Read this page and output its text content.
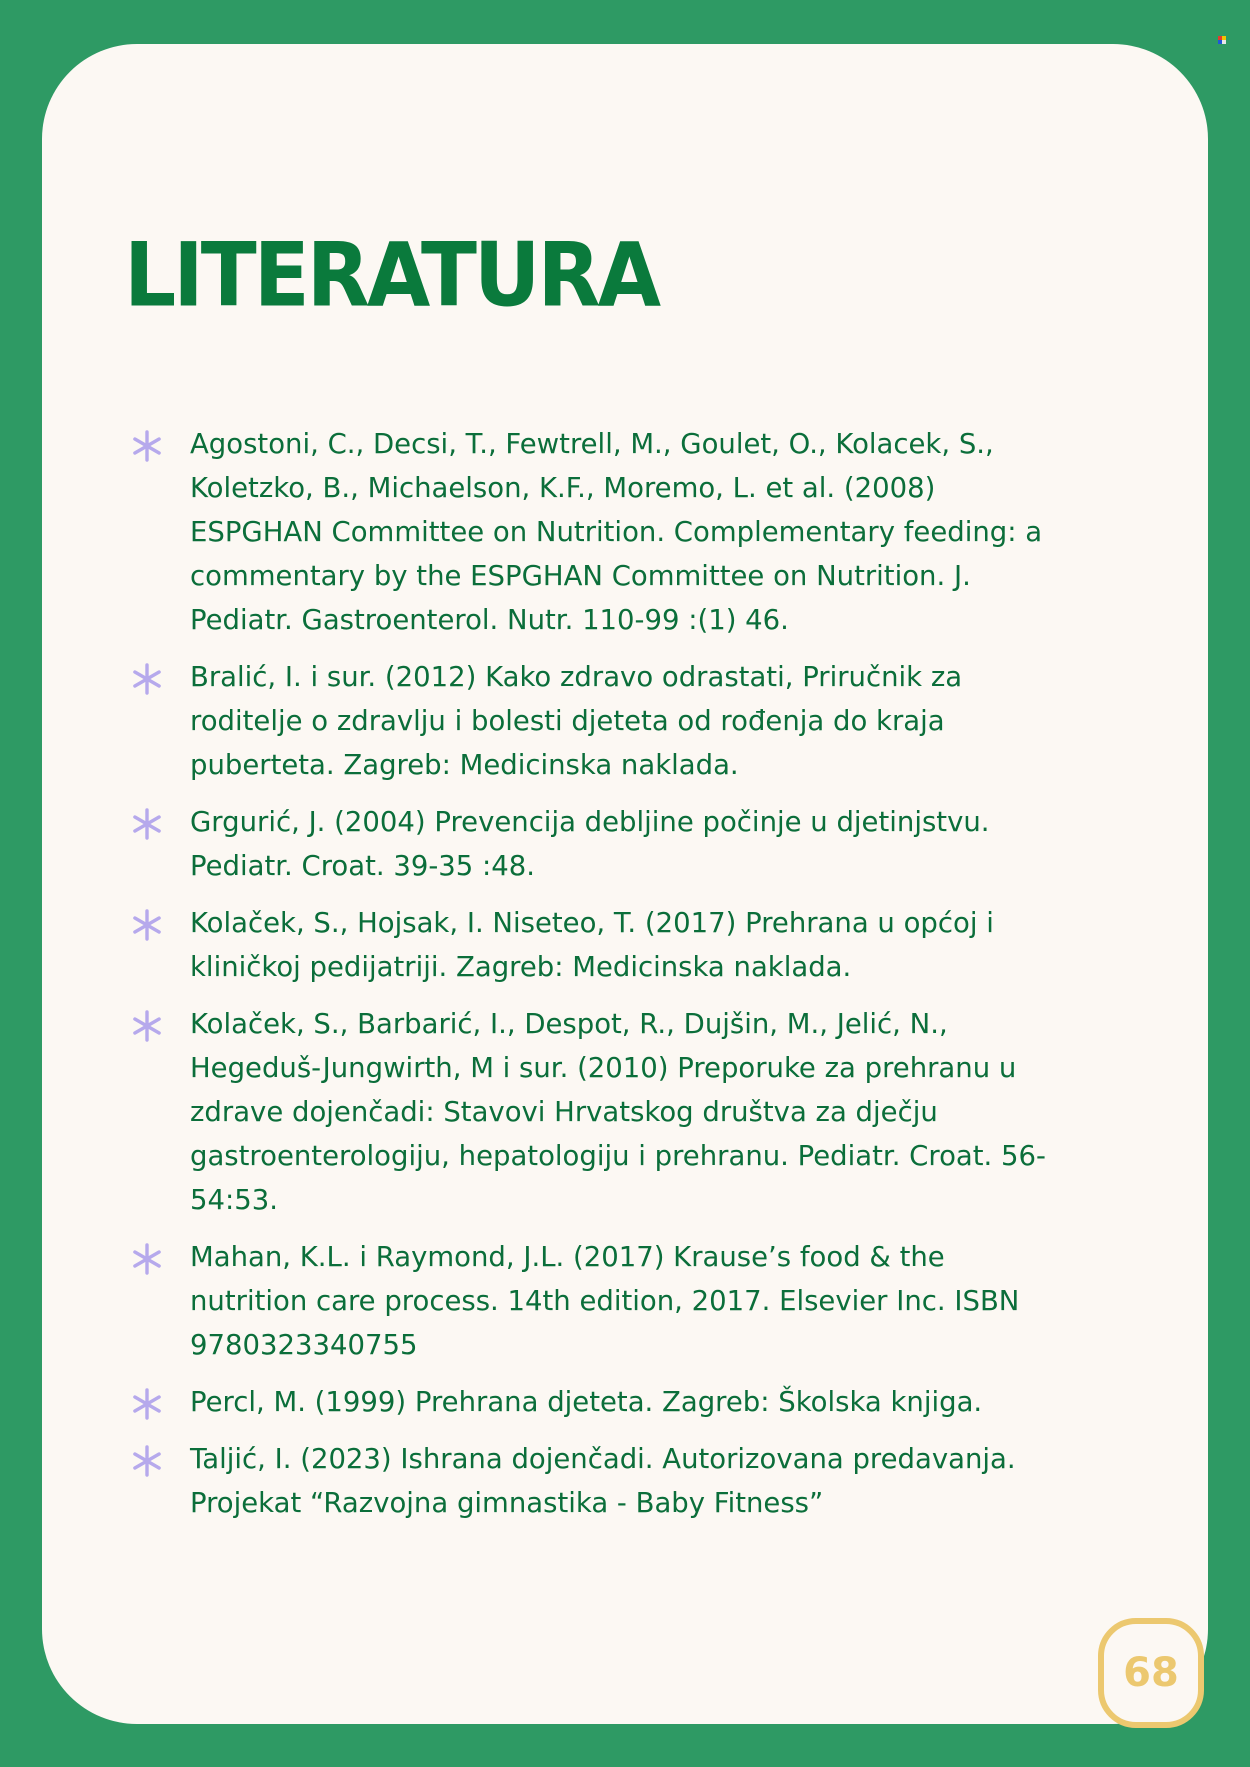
LITERATURA
Agostoni, C., Decsi, T., Fewtrell, M., Goulet, O., Kolacek, S., Koletzko, B., Michaelson, K.F., Moremo, L. et al. (2008) ESPGHAN Committee on Nutrition. Complementary feeding: a commentary by the ESPGHAN Committee on Nutrition. J. Pediatr. Gastroenterol. Nutr. 110-99 :(1) 46.
Bralić, I. i sur. (2012) Kako zdravo odrastati, Priručnik za roditelje o zdravlju i bolesti djeteta od rođenja do kraja puberteta. Zagreb: Medicinska naklada.
Grgurić, J. (2004) Prevencija debljine počinje u djetinjstvu. Pediatr. Croat. 39-35 :48.
Kolaček, S., Hojsak, I. Niseteo, T. (2017) Prehrana u općoj i kliničkoj pedijatriji. Zagreb: Medicinska naklada.
Kolaček, S., Barbarić, I., Despot, R., Dujšin, M., Jelić, N., Hegeduš-Jungwirth, M i sur. (2010) Preporuke za prehranu u zdrave dojenčadi: Stavovi Hrvatskog društva za dječju gastroenterologiju, hepatologiju i prehranu. Pediatr. Croat. 56-54:53.
Mahan, K.L. i Raymond, J.L. (2017) Krause’s food & the nutrition care process. 14th edition, 2017. Elsevier Inc. ISBN 9780323340755
Percl, M. (1999) Prehrana djeteta. Zagreb: Školska knjiga.
Taljić, I. (2023) Ishrana dojenčadi. Autorizovana predavanja. Projekat “Razvojna gimnastika - Baby Fitness”
68
